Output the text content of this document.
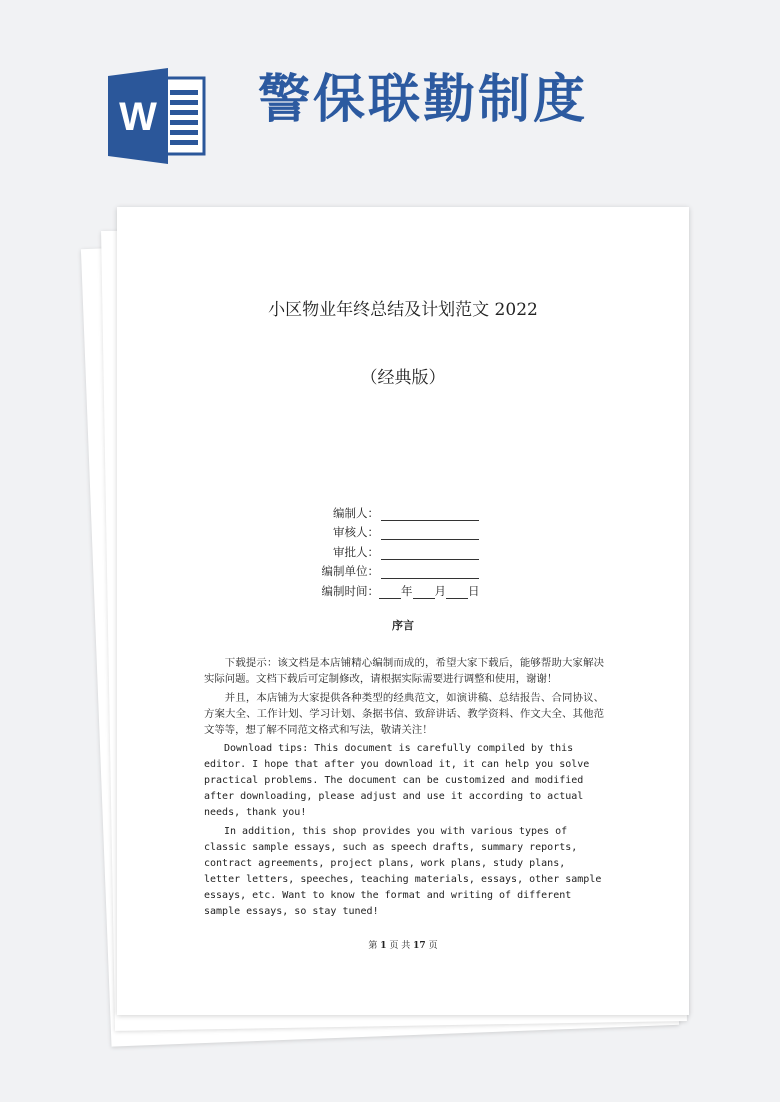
W 警保联勤制度
小区物业年终总结及计划范文 2022
（经典版）
编制人：
审核人：
审批人：
编制单位：
编制时间： 年 月 日
序言

下载提示：该文档是本店铺精心编制而成的，希望大家下载后，能够帮助大家解决实际问题。文档下载后可定制修改，请根据实际需要进行调整和使用，谢谢！

并且，本店铺为大家提供各种类型的经典范文，如演讲稿、总结报告、合同协议、方案大全、工作计划、学习计划、条据书信、致辞讲话、教学资料、作文大全、其他范文等等，想了解不同范文格式和写法，敬请关注！

Download tips: This document is carefully compiled by this editor. I hope that after you download it, it can help you solve practical problems. The document can be customized and modified after downloading, please adjust and use it according to actual needs, thank you!

In addition, this shop provides you with various types of classic sample essays, such as speech drafts, summary reports, contract agreements, project plans, work plans, study plans, letter letters, speeches, teaching materials, essays, other sample essays, etc. Want to know the format and writing of different sample essays, so stay tuned!

第 1 页 共 17 页
